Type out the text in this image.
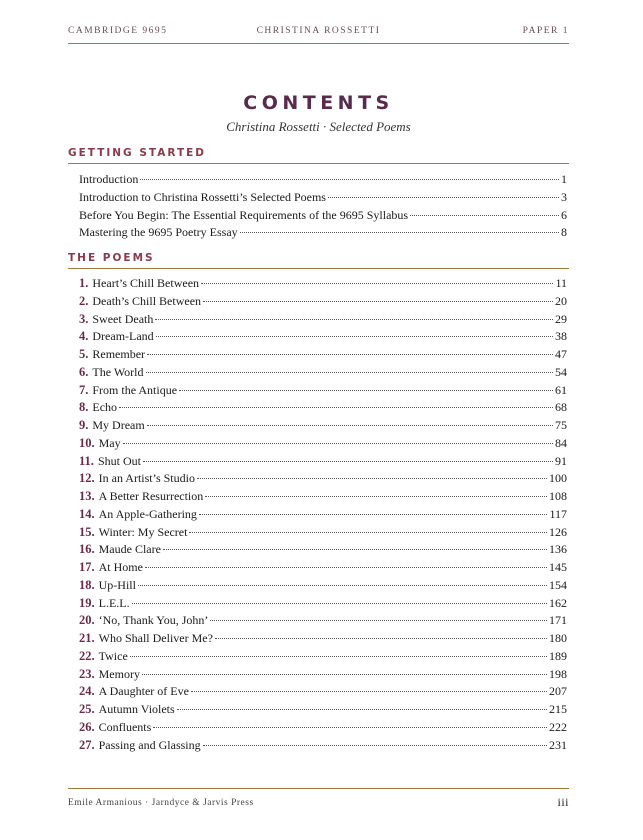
CAMBRIDGE 9695	CHRISTINA ROSSETTI	PAPER 1
CONTENTS
Christina Rossetti · Selected Poems
GETTING STARTED
Introduction	1
Introduction to Christina Rossetti’s Selected Poems	3
Before You Begin: The Essential Requirements of the 9695 Syllabus	6
Mastering the 9695 Poetry Essay	8
THE POEMS
1. Heart’s Chill Between	11
2. Death’s Chill Between	20
3. Sweet Death	29
4. Dream-Land	38
5. Remember	47
6. The World	54
7. From the Antique	61
8. Echo	68
9. My Dream	75
10. May	84
11. Shut Out	91
12. In an Artist’s Studio	100
13. A Better Resurrection	108
14. An Apple-Gathering	117
15. Winter: My Secret	126
16. Maude Clare	136
17. At Home	145
18. Up-Hill	154
19. L.E.L.	162
20. ‘No, Thank You, John’	171
21. Who Shall Deliver Me?	180
22. Twice	189
23. Memory	198
24. A Daughter of Eve	207
25. Autumn Violets	215
26. Confluents	222
27. Passing and Glassing	231
Emile Armanious · Jarndyce & Jarvis Press	iii
